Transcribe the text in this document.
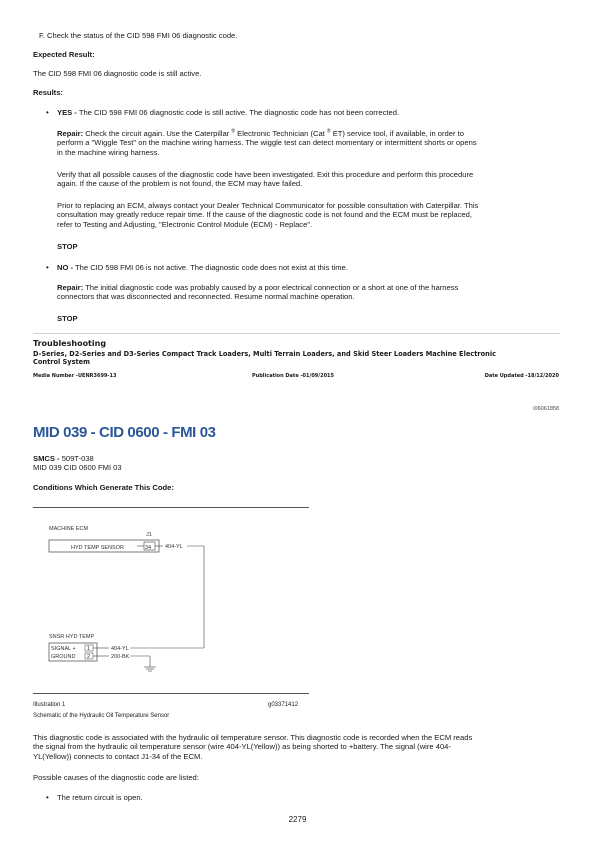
F. Check the status of the CID 598 FMI 06 diagnostic code.

Expected Result:

The CID 598 FMI 06 diagnostic code is still active.

Results:

• YES - The CID 598 FMI 06 diagnostic code is still active. The diagnostic code has not been corrected.

Repair: Check the circuit again. Use the Caterpillar ® Electronic Technician (Cat ® ET) service tool, if available, in order to

perform a "Wiggle Test" on the machine wiring harness. The wiggle test can detect momentary or intermittent shorts or opens

in the machine wiring harness.

Verify that all possible causes of the diagnostic code have been investigated. Exit this procedure and perform this procedure

again. If the cause of the problem is not found, the ECM may have failed.

Prior to replacing an ECM, always contact your Dealer Technical Communicator for possible consultation with Caterpillar. This

consultation may greatly reduce repair time. If the cause of the diagnostic code is not found and the ECM must be replaced,

refer to Testing and Adjusting, "Electronic Control Module (ECM) - Replace".

STOP

• NO - The CID 598 FMI 06 is not active. The diagnostic code does not exist at this time.

Repair: The initial diagnostic code was probably caused by a poor electrical connection or a short at one of the harness

connectors that was disconnected and reconnected. Resume normal machine operation.

STOP

Troubleshooting

D-Series, D2-Series and D3-Series Compact Track Loaders, Multi Terrain Loaders, and Skid Steer Loaders Machine Electronic

Control System

Media Number -UENR3699-13	Publication Date -01/09/2015	Date Updated -18/12/2020

i06061858

MID 039 - CID 0600 - FMI 03

SMCS - 509T-038

MID 039 CID 0600 FMI 03

Conditions Which Generate This Code:

MACHINE ECM
J1
HYD TEMP SENSOR	34	404-YL
SNSR HYD TEMP
SIGNAL +
GROUND
1
2
404-YL
200-BK

Illustration 1	g03371412

Schematic of the Hydraulic Oil Temperature Sensor

This diagnostic code is associated with the hydraulic oil temperature sensor. This diagnostic code is recorded when the ECM reads

the signal from the hydraulic oil temperature sensor (wire 404-YL(Yellow)) as being shorted to +battery. The signal (wire 404-

YL(Yellow)) connects to contact J1-34 of the ECM.

Possible causes of the diagnostic code are listed:

• The return circuit is open.

2279
